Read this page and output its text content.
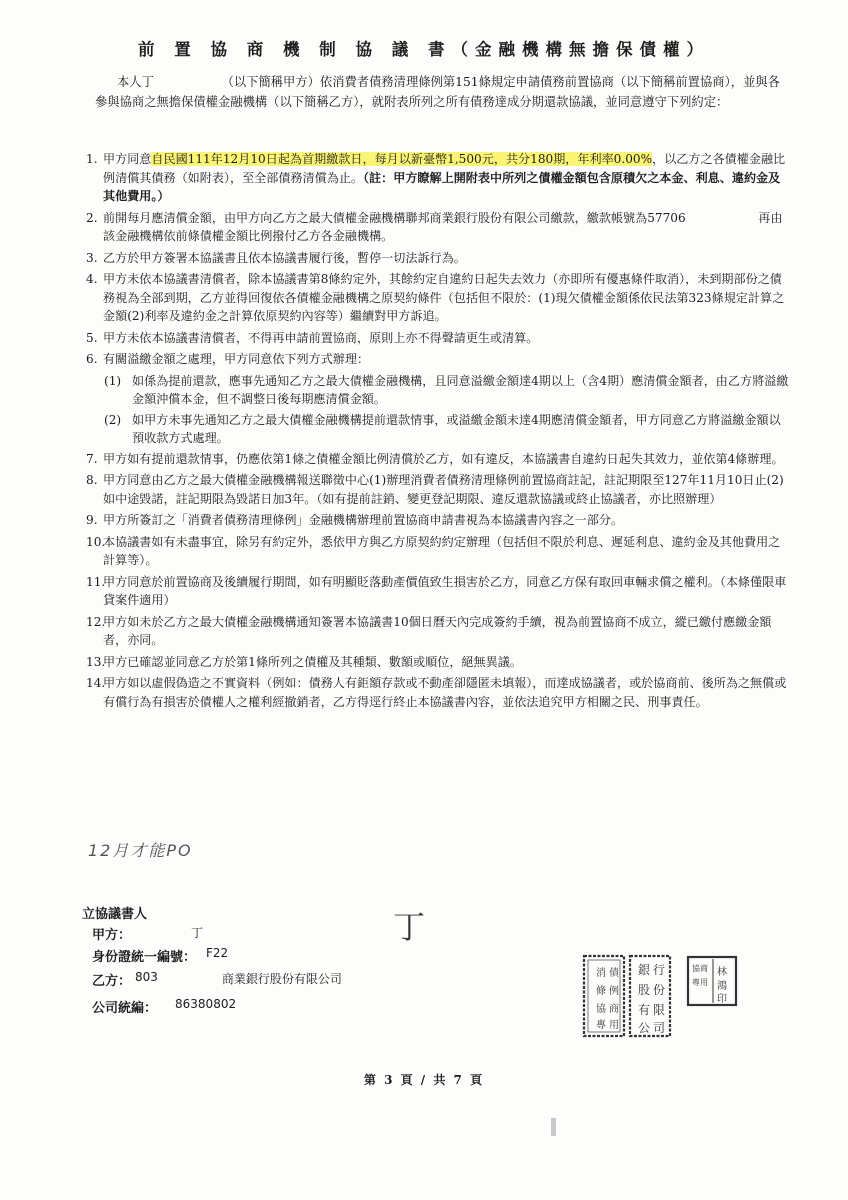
前 置 協 商 機 制 協 議 書（金融機構無擔保債權）
本人丁　　　　　　（以下簡稱甲方）依消費者債務清理條例第151條規定申請債務前置協商（以下簡稱前置協商），並與各參與協商之無擔保債權金融機構（以下簡稱乙方），就附表所列之所有債務達成分期還款協議，並同意遵守下列約定：
1. 甲方同意自民國111年12月10日起為首期繳款日，每月以新臺幣1,500元，共分180期，年利率0.00%，以乙方之各債權金融比例清償其債務（如附表），至全部債務清償為止。（註：甲方瞭解上開附表中所列之債權金額包含原積欠之本金、利息、違約金及其他費用。）
2. 前開每月應清償金額，由甲方向乙方之最大債權金融機構聯邦商業銀行股份有限公司繳款，繳款帳號為57706　　　　　　再由該金融機構依前條債權金額比例撥付乙方各金融機構。
3. 乙方於甲方簽署本協議書且依本協議書履行後，暫停一切法訴行為。
4. 甲方未依本協議書清償者，除本協議書第8條約定外，其餘約定自違約日起失去效力（亦即所有優惠條件取消），未到期部份之債務視為全部到期，乙方並得回復依各債權金融機構之原契約條件（包括但不限於：(1)現欠債權金額係依民法第323條規定計算之金額(2)利率及違約金之計算依原契約內容等）繼續對甲方訴追。
5. 甲方未依本協議書清償者，不得再申請前置協商，原則上亦不得聲請更生或清算。
6. 有關溢繳金額之處理，甲方同意依下列方式辦理：
(1) 如係為提前還款，應事先通知乙方之最大債權金融機構，且同意溢繳金額達4期以上（含4期）應清償金額者，由乙方將溢繳金額沖償本金，但不調整日後每期應清償金額。
(2) 如甲方未事先通知乙方之最大債權金融機構提前還款情事，或溢繳金額未達4期應清償金額者，甲方同意乙方將溢繳金額以預收款方式處理。
7. 甲方如有提前還款情事，仍應依第1條之債權金額比例清償於乙方，如有違反，本協議書自違約日起失其效力，並依第4條辦理。
8. 甲方同意由乙方之最大債權金融機構報送聯徵中心(1)辦理消費者債務清理條例前置協商註記，註記期限至127年11月10日止(2)如中途毀諾，註記期限為毀諾日加3年。（如有提前註銷、變更登記期限、違反還款協議或終止協議者，亦比照辦理）
9. 甲方所簽訂之「消費者債務清理條例」金融機構辦理前置協商申請書視為本協議書內容之一部分。
10.
本協議書如有未盡事宜，除另有約定外，悉依甲方與乙方原契約約定辦理（包括但不限於利息、遲延利息、違約金及其他費用之計算等）。
11.
甲方同意於前置協商及後續履行期間，如有明顯貶落動產價值致生損害於乙方，同意乙方保有取回車輛求償之權利。（本條僅限車貸案件適用）
12.
甲方如未於乙方之最大債權金融機構通知簽署本協議書10個日曆天內完成簽約手續，視為前置協商不成立，縱已繳付應繳金額者，亦同。
13.
甲方已確認並同意乙方於第1條所列之債權及其種類、數額或順位，絕無異議。
14.
甲方如以虛假偽造之不實資料（例如：債務人有鉅額存款或不動產卻隱匿未填報），而達成協議者，或於協商前、後所為之無償或有償行為有損害於債權人之權利經撤銷者，乙方得逕行終止本協議書內容，並依法追究甲方相關之民、刑事責任。
12月才能PO
立協議書人
甲方：	丁	丁
身份證統一編號： F22
乙方： 803	商業銀行股份有限公司
公司統編： 86380802
消 債
條 例
協 商
專 用
銀 行
股 份
有 限
公 司
協商
專用
林
鴻
印
第 3 頁 / 共 7 頁
